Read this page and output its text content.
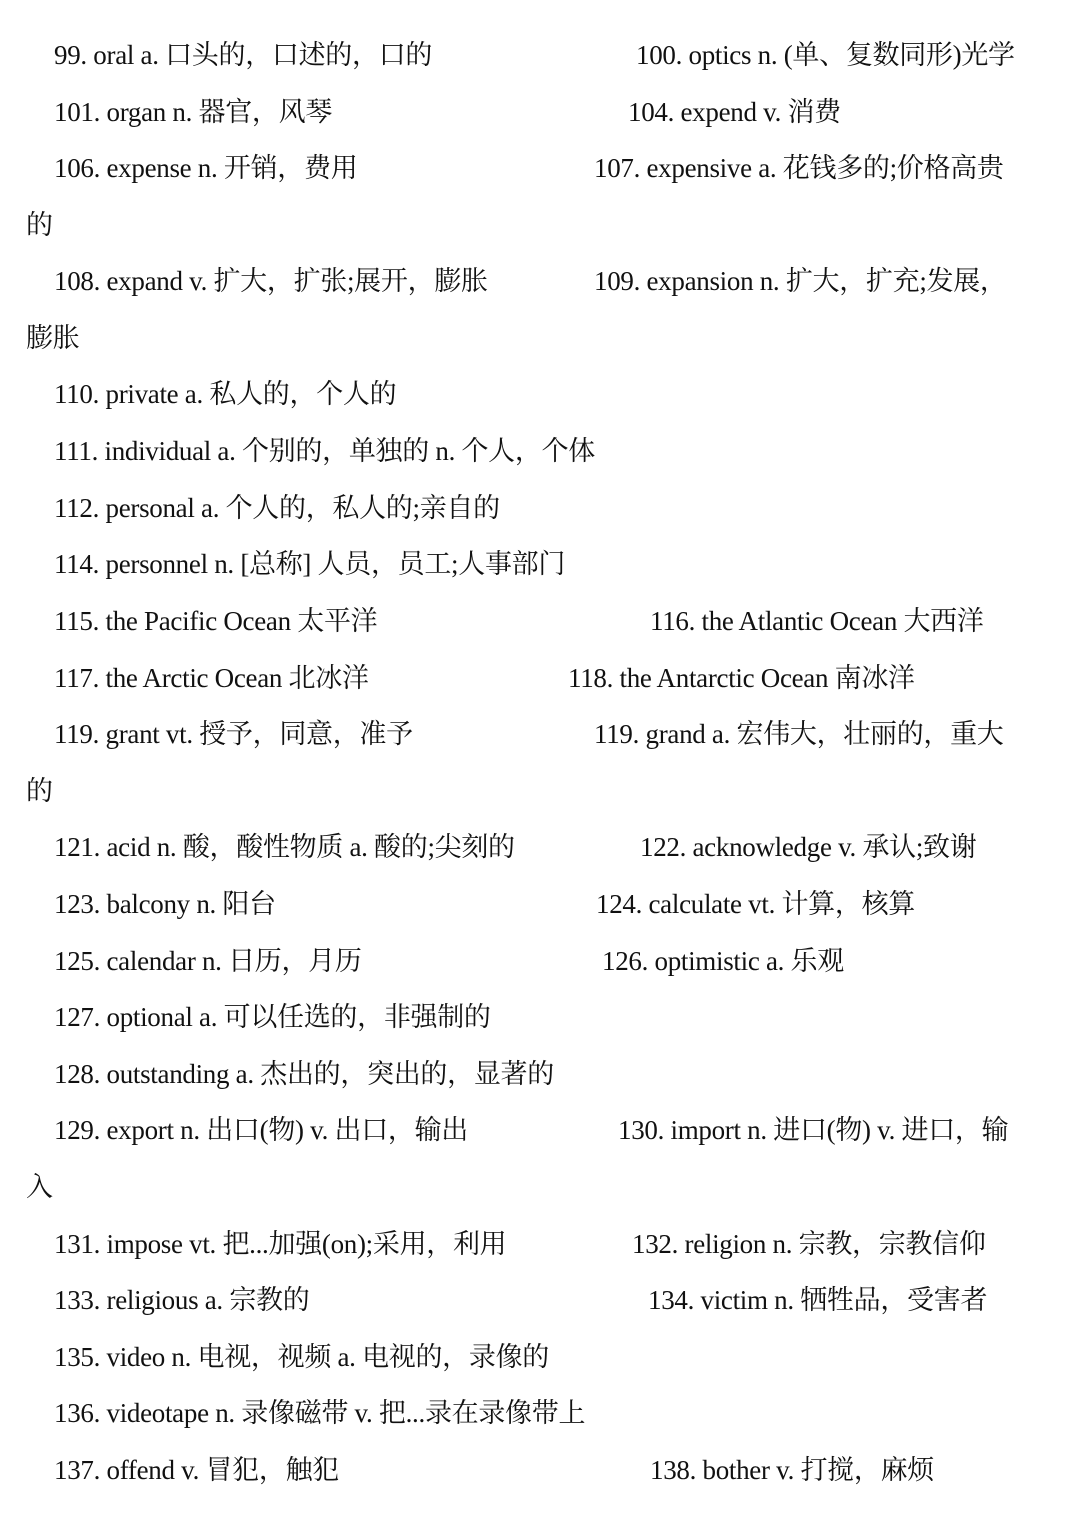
99. oral a. 口头的，口述的，口的	100. optics n. (单、复数同形)光学
101. organ n. 器官，风琴	104. expend v. 消费
106. expense n. 开销，费用	107. expensive a. 花钱多的;价格高贵
的
108. expand v. 扩大，扩张;展开，膨胀	109. expansion n. 扩大，扩充;发展，
膨胀
110. private a. 私人的，个人的
111. individual a. 个别的，单独的 n. 个人，个体
112. personal a. 个人的，私人的;亲自的
114. personnel n. [总称] 人员，员工;人事部门
115. the Pacific Ocean 太平洋	116. the Atlantic Ocean 大西洋
117. the Arctic Ocean 北冰洋	118. the Antarctic Ocean 南冰洋
119. grant vt. 授予，同意，准予	119. grand a. 宏伟大，壮丽的，重大
的
121. acid n. 酸，酸性物质 a. 酸的;尖刻的	122. acknowledge v. 承认;致谢
123. balcony n. 阳台	124. calculate vt. 计算，核算
125. calendar n. 日历，月历	126. optimistic a. 乐观
127. optional a. 可以任选的，非强制的
128. outstanding a. 杰出的，突出的，显著的
129. export n. 出口(物) v. 出口，输出	130. import n. 进口(物) v. 进口，输
入
131. impose vt. 把...加强(on);采用，利用	132. religion n. 宗教，宗教信仰
133. religious a. 宗教的	134. victim n. 牺牲品，受害者
135. video n. 电视，视频 a. 电视的，录像的
136. videotape n. 录像磁带 v. 把...录在录像带上
137. offend v. 冒犯，触犯	138. bother v. 打搅，麻烦
